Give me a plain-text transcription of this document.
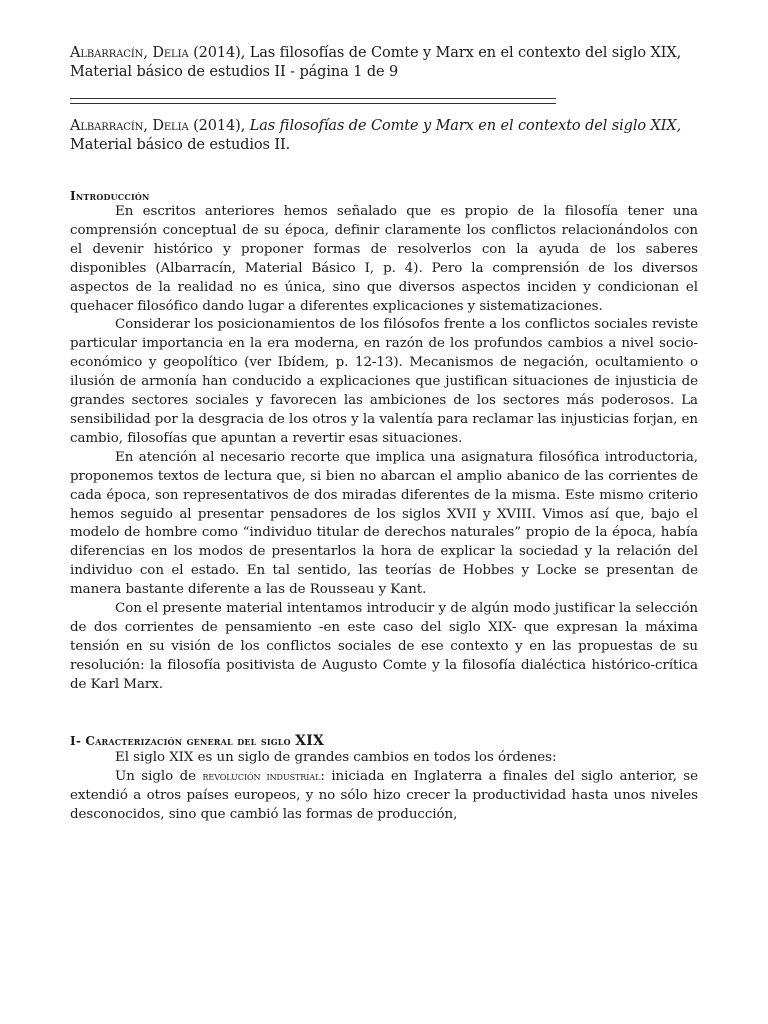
Albarracín, Delia (2014), Las filosofías de Comte y Marx en el contexto del siglo XIX,

Material básico de estudios II - página 1 de 9

Albarracín, Delia (2014), Las filosofías de Comte y Marx en el contexto del siglo XIX, Material básico de estudios II.
Introducción

En escritos anteriores hemos señalado que es propio de la filosofía tener una comprensión conceptual de su época, definir claramente los conflictos relacionándolos con el devenir histórico y proponer formas de resolverlos con la ayuda de los saberes disponibles (Albarracín, Material Básico I, p. 4). Pero la comprensión de los diversos aspectos de la realidad no es única, sino que diversos aspectos inciden y condicionan el quehacer filosófico dando lugar a diferentes explicaciones y sistematizaciones.

Considerar los posicionamientos de los filósofos frente a los conflictos sociales reviste particular importancia en la era moderna, en razón de los profundos cambios a nivel socio-económico y geopolítico (ver Ibídem, p. 12-13). Mecanismos de negación, ocultamiento o ilusión de armonía han conducido a explicaciones que justifican situaciones de injusticia de grandes sectores sociales y favorecen las ambiciones de los sectores más poderosos. La sensibilidad por la desgracia de los otros y la valentía para reclamar las injusticias forjan, en cambio, filosofías que apuntan a revertir esas situaciones.

En atención al necesario recorte que implica una asignatura filosófica introductoria, proponemos textos de lectura que, si bien no abarcan el amplio abanico de las corrientes de cada época, son representativos de dos miradas diferentes de la misma. Este mismo criterio hemos seguido al presentar pensadores de los siglos XVII y XVIII. Vimos así que, bajo el modelo de hombre como “individuo titular de derechos naturales” propio de la época, había diferencias en los modos de presentarlos la hora de explicar la sociedad y la relación del individuo con el estado. En tal sentido, las teorías de Hobbes y Locke se presentan de manera bastante diferente a las de Rousseau y Kant.

Con el presente material intentamos introducir y de algún modo justificar la selección de dos corrientes de pensamiento -en este caso del siglo XIX- que expresan la máxima tensión en su visión de los conflictos sociales de ese contexto y en las propuestas de su resolución: la filosofía positivista de Augusto Comte y la filosofía dialéctica histórico-crítica de Karl Marx.

I- Caracterización general del siglo XIX

El siglo XIX es un siglo de grandes cambios en todos los órdenes:

Un siglo de revolución industrial: iniciada en Inglaterra a finales del siglo anterior, se extendió a otros países europeos, y no sólo hizo crecer la productividad hasta unos niveles desconocidos, sino que cambió las formas de producción,
